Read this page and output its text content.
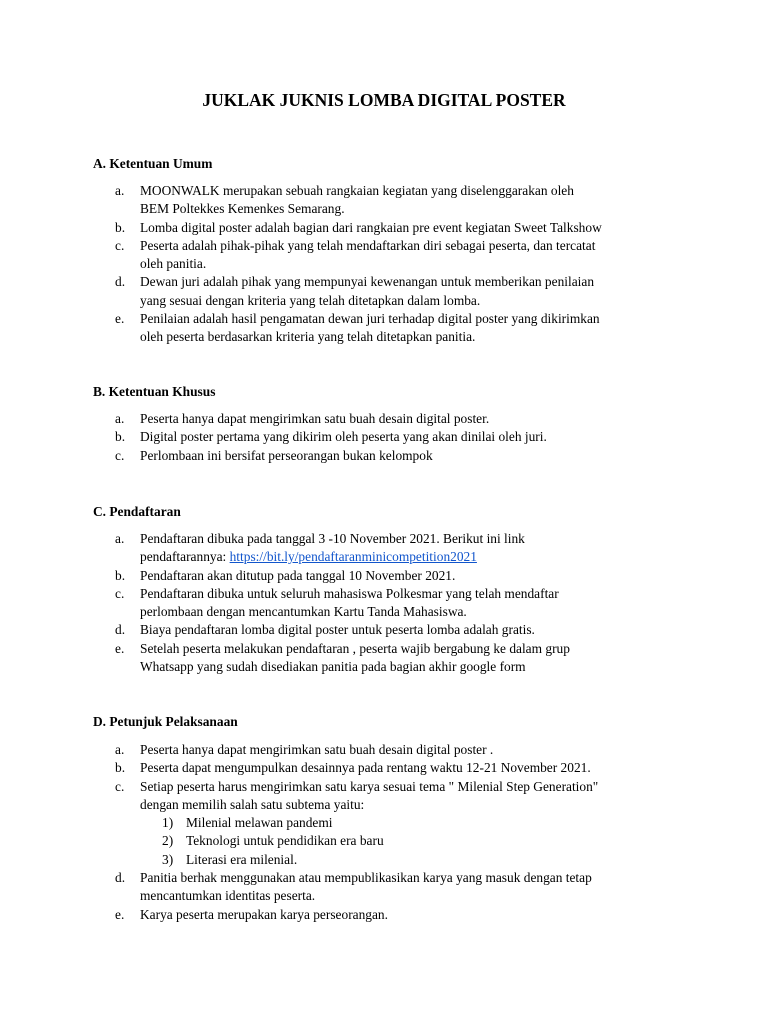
JUKLAK JUKNIS LOMBA DIGITAL POSTER
A. Ketentuan Umum
a.	MOONWALK merupakan sebuah rangkaian kegiatan yang diselenggarakan oleh
BEM Poltekkes Kemenkes Semarang.
b.	Lomba digital poster adalah bagian dari rangkaian pre event kegiatan Sweet Talkshow
c.	Peserta adalah pihak-pihak yang telah mendaftarkan diri sebagai peserta, dan tercatat
oleh panitia.
d.	Dewan juri adalah pihak yang mempunyai kewenangan untuk memberikan penilaian
yang sesuai dengan kriteria yang telah ditetapkan dalam lomba.
e.	Penilaian adalah hasil pengamatan dewan juri terhadap digital poster yang dikirimkan
oleh peserta berdasarkan kriteria yang telah ditetapkan panitia.
B. Ketentuan Khusus
a.	Peserta hanya dapat mengirimkan satu buah desain digital poster.
b.	Digital poster pertama yang dikirim oleh peserta yang akan dinilai oleh juri.
c.	Perlombaan ini bersifat perseorangan bukan kelompok
C. Pendaftaran
a.	Pendaftaran dibuka pada tanggal 3 -10 November 2021. Berikut ini link
pendaftarannya: https://bit.ly/pendaftaranminicompetition2021
b.	Pendaftaran akan ditutup pada tanggal 10 November 2021.
c.	Pendaftaran dibuka untuk seluruh mahasiswa Polkesmar yang telah mendaftar
perlombaan dengan mencantumkan Kartu Tanda Mahasiswa.
d.	Biaya pendaftaran lomba digital poster untuk peserta lomba adalah gratis.
e.	Setelah peserta melakukan pendaftaran , peserta wajib bergabung ke dalam grup
Whatsapp yang sudah disediakan panitia pada bagian akhir google form
D. Petunjuk Pelaksanaan
a.	Peserta hanya dapat mengirimkan satu buah desain digital poster .
b.	Peserta dapat mengumpulkan desainnya pada rentang waktu 12-21 November 2021.
c.	Setiap peserta harus mengirimkan satu karya sesuai tema " Milenial Step Generation"
dengan memilih salah satu subtema yaitu:
1) Milenial melawan pandemi
2) Teknologi untuk pendidikan era baru
3) Literasi era milenial.
d.	Panitia berhak menggunakan atau mempublikasikan karya yang masuk dengan tetap
mencantumkan identitas peserta.
e.	Karya peserta merupakan karya perseorangan.
